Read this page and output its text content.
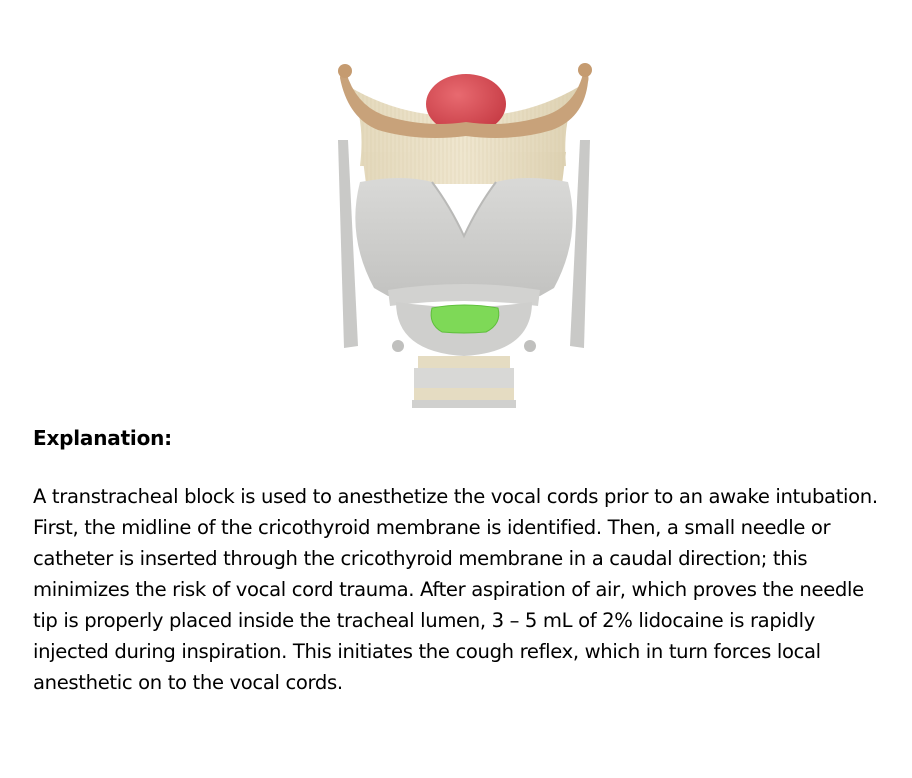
Explanation:

A transtracheal block is used to anesthetize the vocal cords prior to an awake intubation. First, the midline of the cricothyroid membrane is identified. Then, a small needle or catheter is inserted through the cricothyroid membrane in a caudal direction; this minimizes the risk of vocal cord trauma. After aspiration of air, which proves the needle tip is properly placed inside the tracheal lumen, 3 – 5 mL of 2% lidocaine is rapidly injected during inspiration. This initiates the cough reflex, which in turn forces local anesthetic on to the vocal cords.
